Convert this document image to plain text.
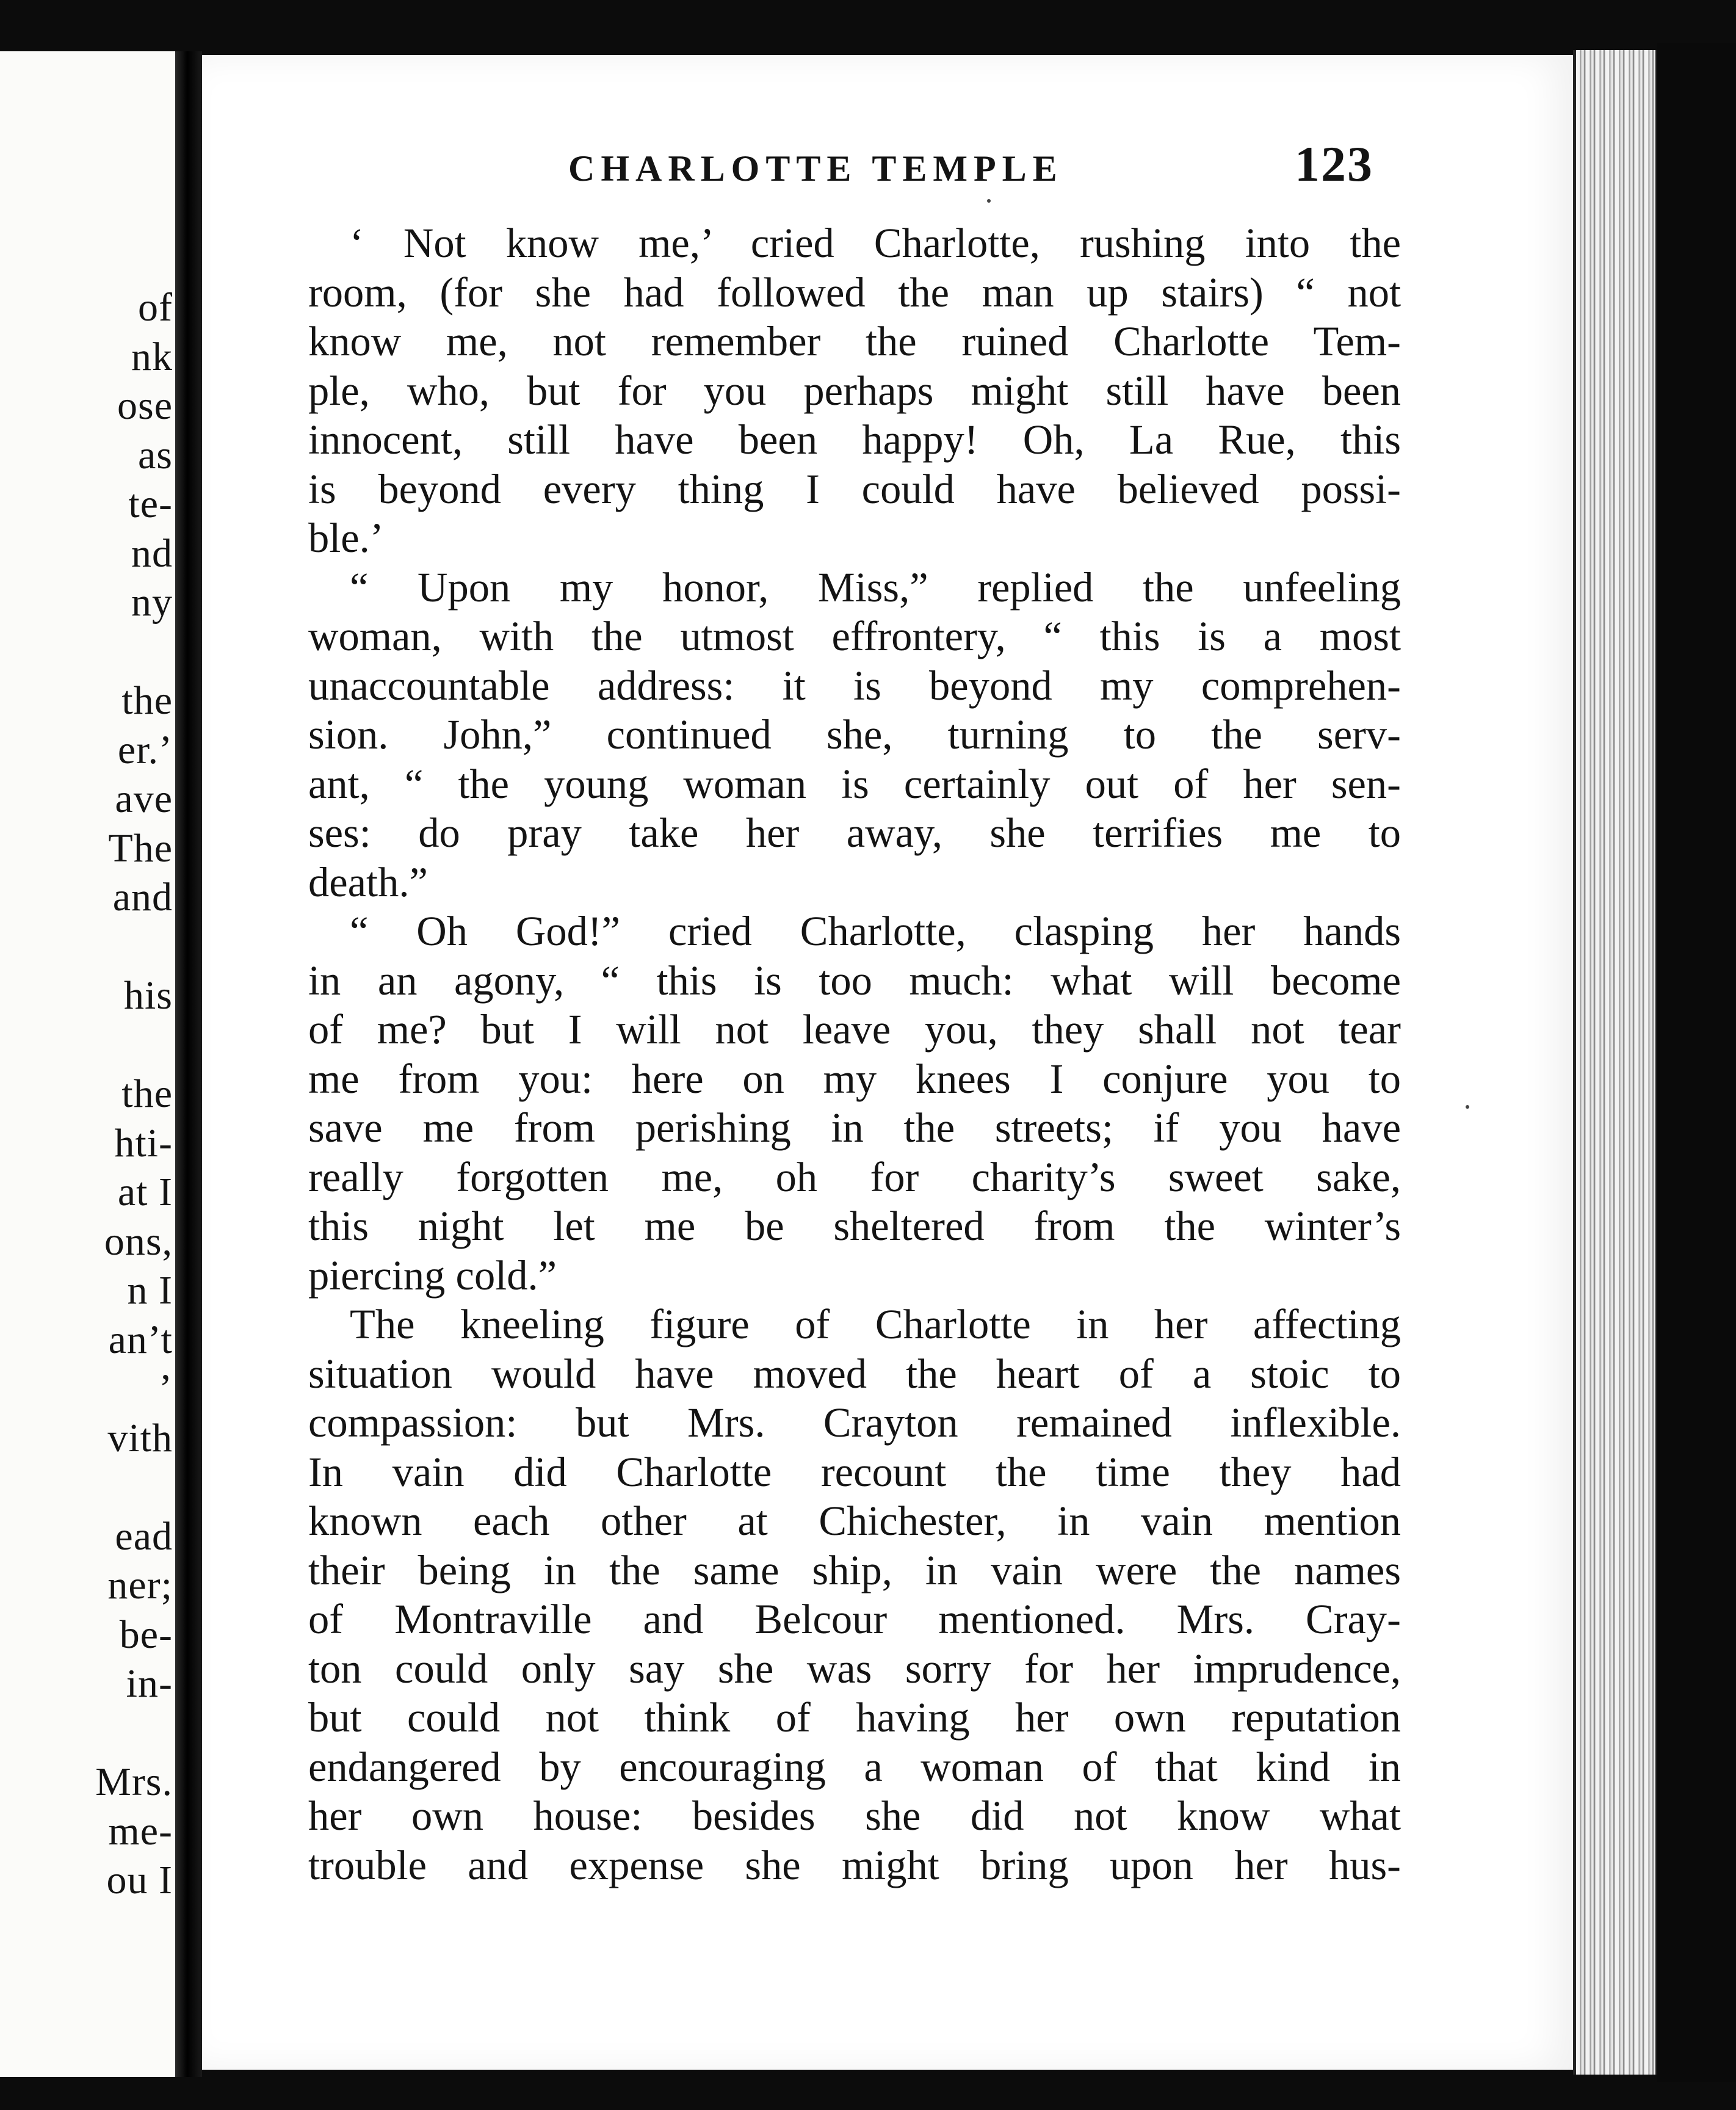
of
nk
ose
as
te-
nd
ny
the
er.’
ave
The
and
his
the
hti-
at I
ons,
n I
an’t
’
vith
ead
ner;
be-
in-
Mrs.
me-
ou I
CHARLOTTE TEMPLE	123
‘ Not know me,’ cried Charlotte, rushing into the
room, (for she had followed the man up stairs) “ not
know me, not remember the ruined Charlotte Tem-
ple, who, but for you perhaps might still have been
innocent, still have been happy! Oh, La Rue, this
is beyond every thing I could have believed possi-
ble.’
“ Upon my honor, Miss,” replied the unfeeling
woman, with the utmost effrontery, “ this is a most
unaccountable address: it is beyond my comprehen-
sion. John,” continued she, turning to the serv-
ant, “ the young woman is certainly out of her sen-
ses: do pray take her away, she terrifies me to
death.”
“ Oh God!” cried Charlotte, clasping her hands
in an agony, “ this is too much: what will become
of me? but I will not leave you, they shall not tear
me from you: here on my knees I conjure you to
save me from perishing in the streets; if you have
really forgotten me, oh for charity’s sweet sake,
this night let me be sheltered from the winter’s
piercing cold.”
The kneeling figure of Charlotte in her affecting
situation would have moved the heart of a stoic to
compassion: but Mrs. Crayton remained inflexible.
In vain did Charlotte recount the time they had
known each other at Chichester, in vain mention
their being in the same ship, in vain were the names
of Montraville and Belcour mentioned. Mrs. Cray-
ton could only say she was sorry for her imprudence,
but could not think of having her own reputation
endangered by encouraging a woman of that kind in
her own house: besides she did not know what
trouble and expense she might bring upon her hus-
